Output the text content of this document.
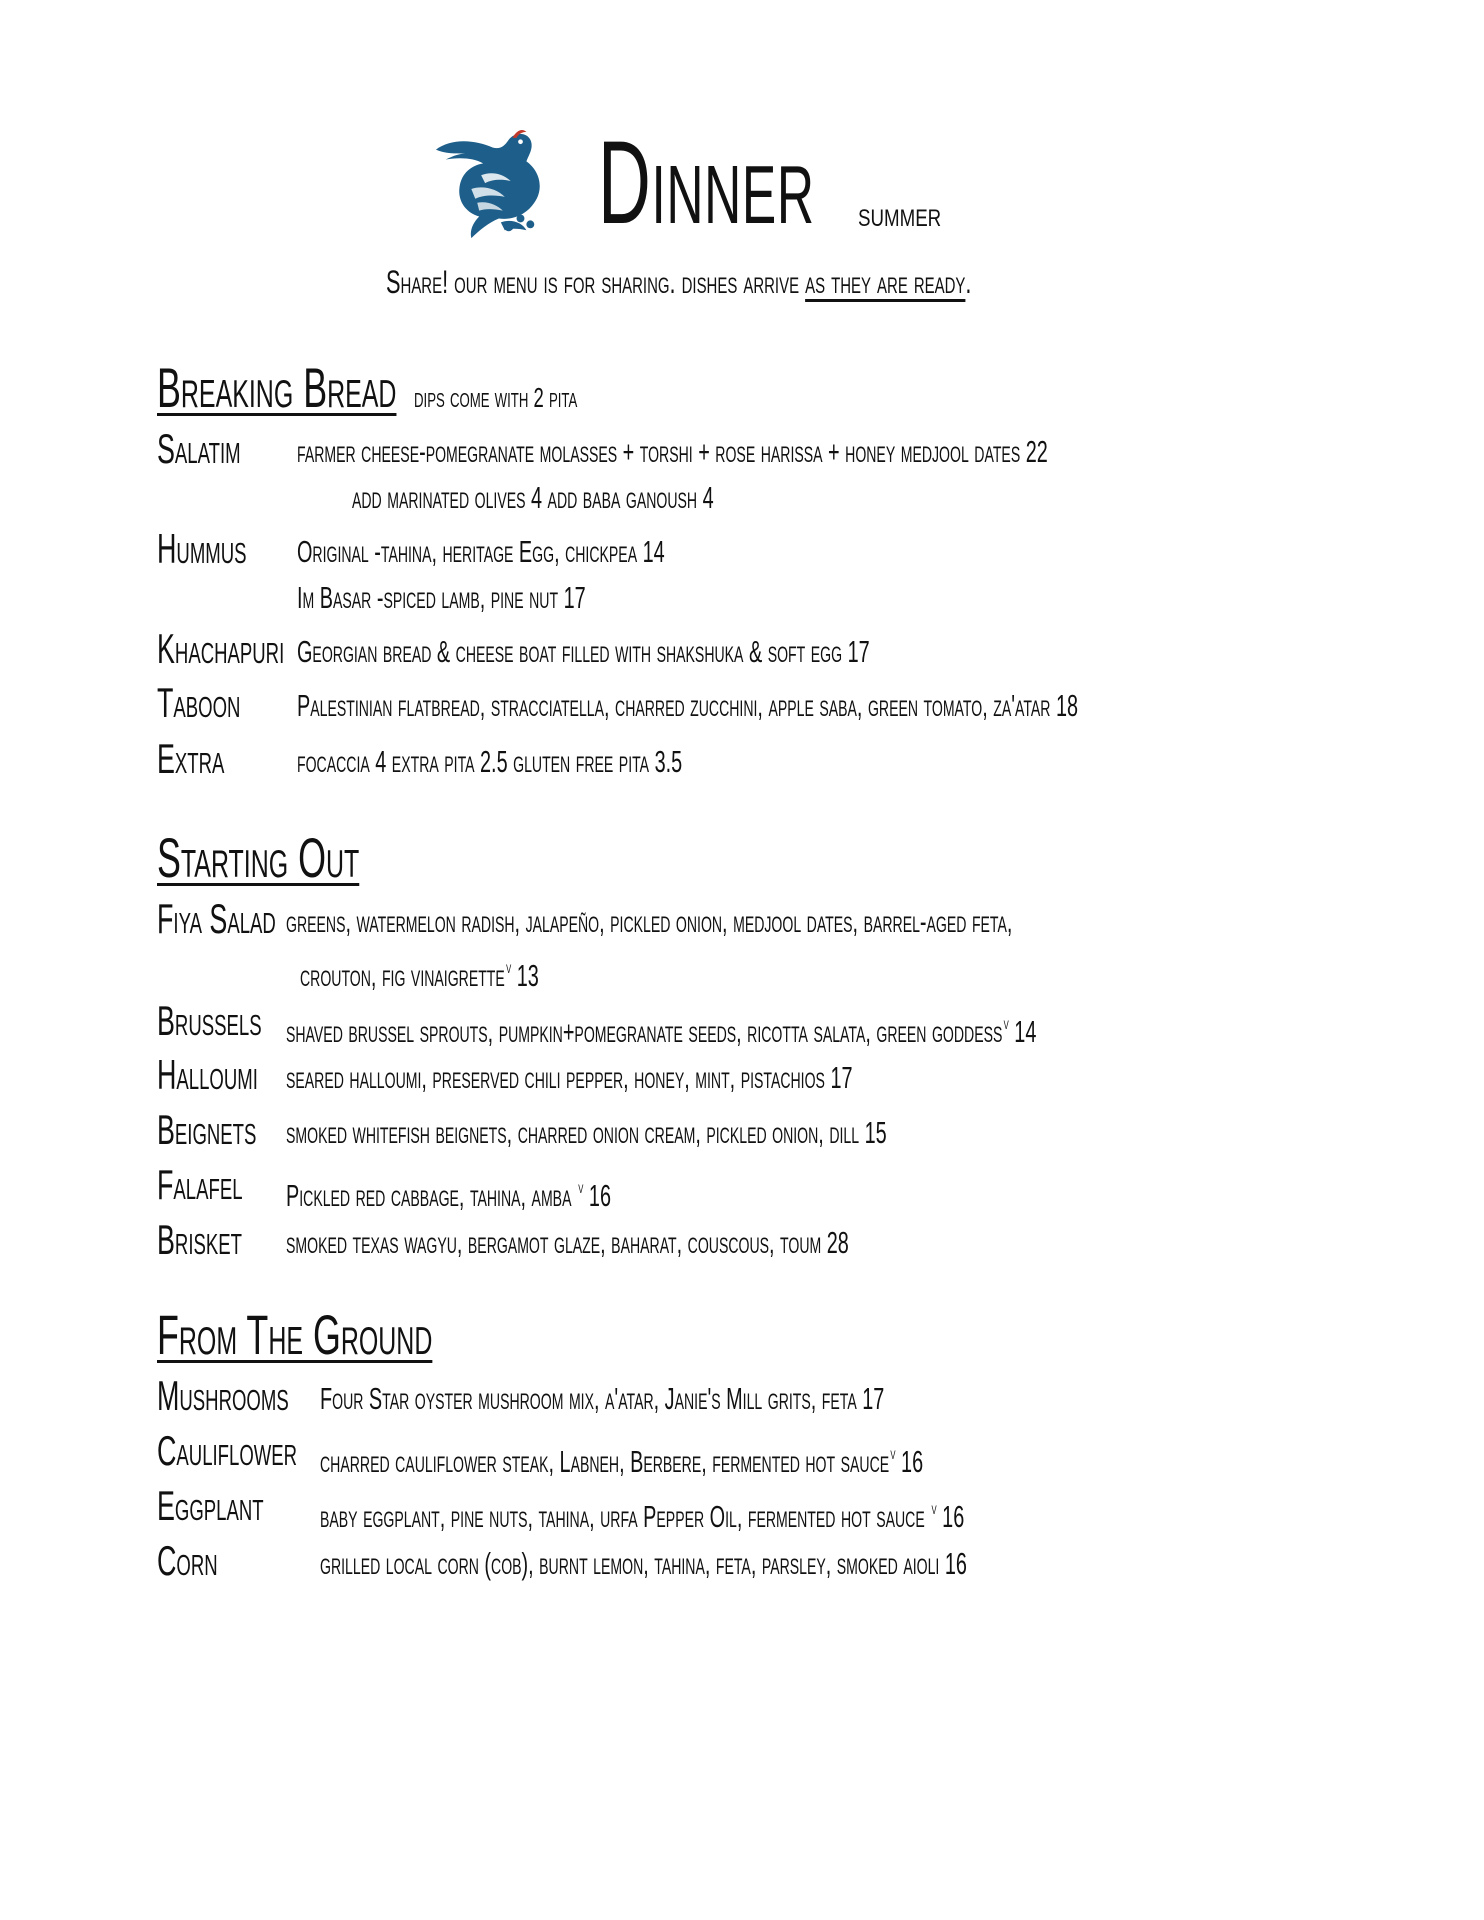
Dinner summer
Share! our menu is for sharing. dishes arrive as they are ready.
Breaking Bread dips come with 2 pita
Salatim farmer cheese-pomegranate molasses + torshi + rose harissa + honey medjool dates 22
add marinated olives 4 add baba ganoush 4
Hummus Original -tahina, heritage Egg, chickpea 14
Im Basar -spiced lamb, pine nut 17
Khachapuri Georgian bread & cheese boat filled with shakshuka & soft egg 17
Taboon Palestinian flatbread, stracciatella, charred zucchini, apple saba, green tomato, za'atar 18
Extra focaccia 4 extra pita 2.5 gluten free pita 3.5
Starting Out
Fiya Salad greens, watermelon radish, jalapeño, pickled onion, medjool dates, barrel-aged feta,
crouton, fig vinaigrette$^v$ 13
Brussels shaved brussel sprouts, pumpkin+pomegranate seeds, ricotta salata, green goddess$^v$ 14
Halloumi seared halloumi, preserved chili pepper, honey, mint, pistachios 17
Beignets smoked whitefish beignets, charred onion cream, pickled onion, dill 15
Falafel Pickled red cabbage, tahina, amba $^v$ 16
Brisket smoked texas wagyu, bergamot glaze, baharat, couscous, toum 28
From The Ground
Mushrooms Four Star oyster mushroom mix, a'atar, Janie's Mill grits, feta 17
Cauliflower charred cauliflower steak, Labneh, Berbere, fermented hot sauce$^v$ 16
Eggplant baby eggplant, pine nuts, tahina, urfa Pepper Oil, fermented hot sauce $^v$ 16
Corn	grilled local corn (cob), burnt lemon, tahina, feta, parsley, smoked aioli 16
